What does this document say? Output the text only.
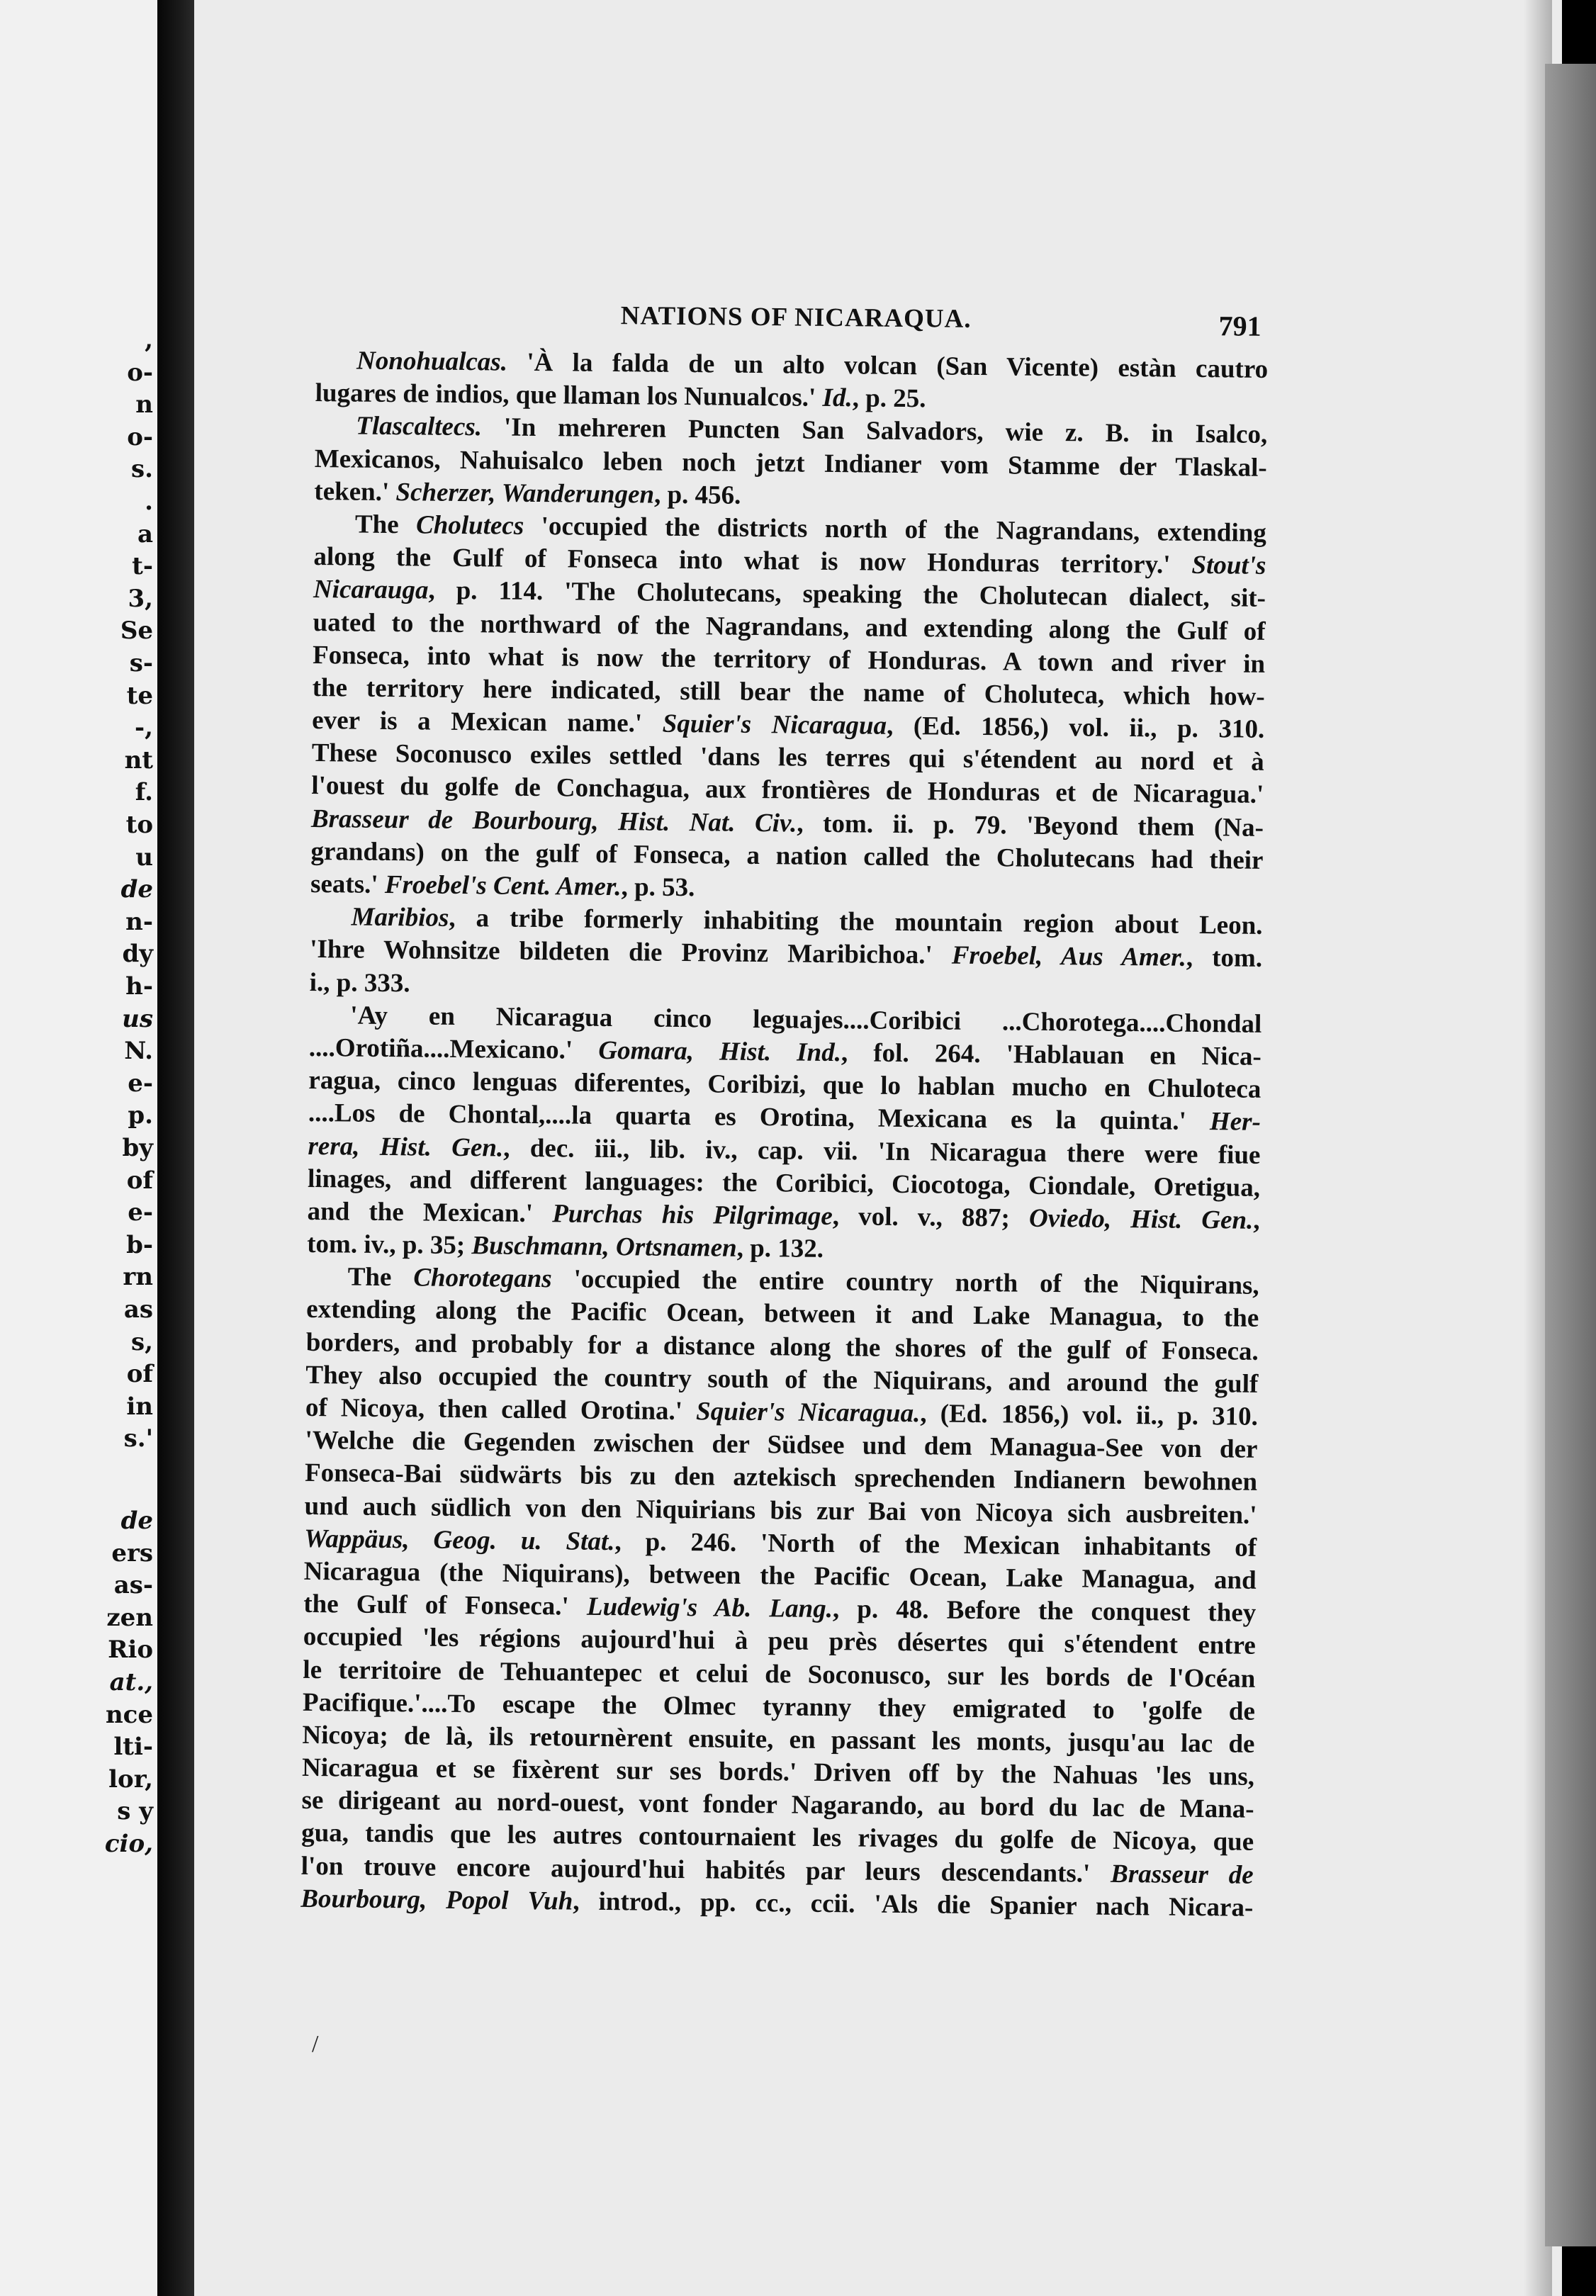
,
o-
n
o-
s.
.
a
t-
3,
Se
s-
te
-,
nt
f.
to
u
de
n-
dy
h-
us
N.
e-
p.
by
of
e-
b-
rn
as
s,
of
in
s.'
de
ers
as-
zen
Rio
at.,
nce
lti-
lor,
s y
cio,
NATIONS OF NICARAQUA.	791
Nonohualcas. 'À la falda de un alto volcan (San Vicente) estàn cautro
lugares de indios, que llaman los Nunualcos.' Id., p. 25.
Tlascaltecs. 'In mehreren Puncten San Salvadors, wie z. B. in Isalco,
Mexicanos, Nahuisalco leben noch jetzt Indianer vom Stamme der Tlaskal-
teken.' Scherzer, Wanderungen, p. 456.
The Cholutecs 'occupied the districts north of the Nagrandans, extending
along the Gulf of Fonseca into what is now Honduras territory.' Stout's
Nicarauga, p. 114. 'The Cholutecans, speaking the Cholutecan dialect, sit-
uated to the northward of the Nagrandans, and extending along the Gulf of
Fonseca, into what is now the territory of Honduras. A town and river in
the territory here indicated, still bear the name of Choluteca, which how-
ever is a Mexican name.' Squier's Nicaragua, (Ed. 1856,) vol. ii., p. 310.
These Soconusco exiles settled 'dans les terres qui s'étendent au nord et à
l'ouest du golfe de Conchagua, aux frontières de Honduras et de Nicaragua.'
Brasseur de Bourbourg, Hist. Nat. Civ., tom. ii. p. 79. 'Beyond them (Na-
grandans) on the gulf of Fonseca, a nation called the Cholutecans had their
seats.' Froebel's Cent. Amer., p. 53.
Maribios, a tribe formerly inhabiting the mountain region about Leon.
'Ihre Wohnsitze bildeten die Provinz Maribichoa.' Froebel, Aus Amer., tom.
i., p. 333.
'Ay en Nicaragua cinco leguajes....Coribici ...Chorotega....Chondal
....Orotiña....Mexicano.' Gomara, Hist. Ind., fol. 264. 'Hablauan en Nica-
ragua, cinco lenguas diferentes, Coribizi, que lo hablan mucho en Chuloteca
....Los de Chontal,....la quarta es Orotina, Mexicana es la quinta.' Her-
rera, Hist. Gen., dec. iii., lib. iv., cap. vii. 'In Nicaragua there were fiue
linages, and different languages: the Coribici, Ciocotoga, Ciondale, Oretigua,
and the Mexican.' Purchas his Pilgrimage, vol. v., 887; Oviedo, Hist. Gen.,
tom. iv., p. 35; Buschmann, Ortsnamen, p. 132.
The Chorotegans 'occupied the entire country north of the Niquirans,
extending along the Pacific Ocean, between it and Lake Managua, to the
borders, and probably for a distance along the shores of the gulf of Fonseca.
They also occupied the country south of the Niquirans, and around the gulf
of Nicoya, then called Orotina.' Squier's Nicaragua., (Ed. 1856,) vol. ii., p. 310.
'Welche die Gegenden zwischen der Südsee und dem Managua-See von der
Fonseca-Bai südwärts bis zu den aztekisch sprechenden Indianern bewohnen
und auch südlich von den Niquirians bis zur Bai von Nicoya sich ausbreiten.'
Wappäus, Geog. u. Stat., p. 246. 'North of the Mexican inhabitants of
Nicaragua (the Niquirans), between the Pacific Ocean, Lake Managua, and
the Gulf of Fonseca.' Ludewig's Ab. Lang., p. 48. Before the conquest they
occupied 'les régions aujourd'hui à peu près désertes qui s'étendent entre
le territoire de Tehuantepec et celui de Soconusco, sur les bords de l'Océan
Pacifique.'....To escape the Olmec tyranny they emigrated to 'golfe de
Nicoya; de là, ils retournèrent ensuite, en passant les monts, jusqu'au lac de
Nicaragua et se fixèrent sur ses bords.' Driven off by the Nahuas 'les uns,
se dirigeant au nord-ouest, vont fonder Nagarando, au bord du lac de Mana-
gua, tandis que les autres contournaient les rivages du golfe de Nicoya, que
l'on trouve encore aujourd'hui habités par leurs descendants.' Brasseur de
Bourbourg, Popol Vuh, introd., pp. cc., ccii. 'Als die Spanier nach Nicara-
/
